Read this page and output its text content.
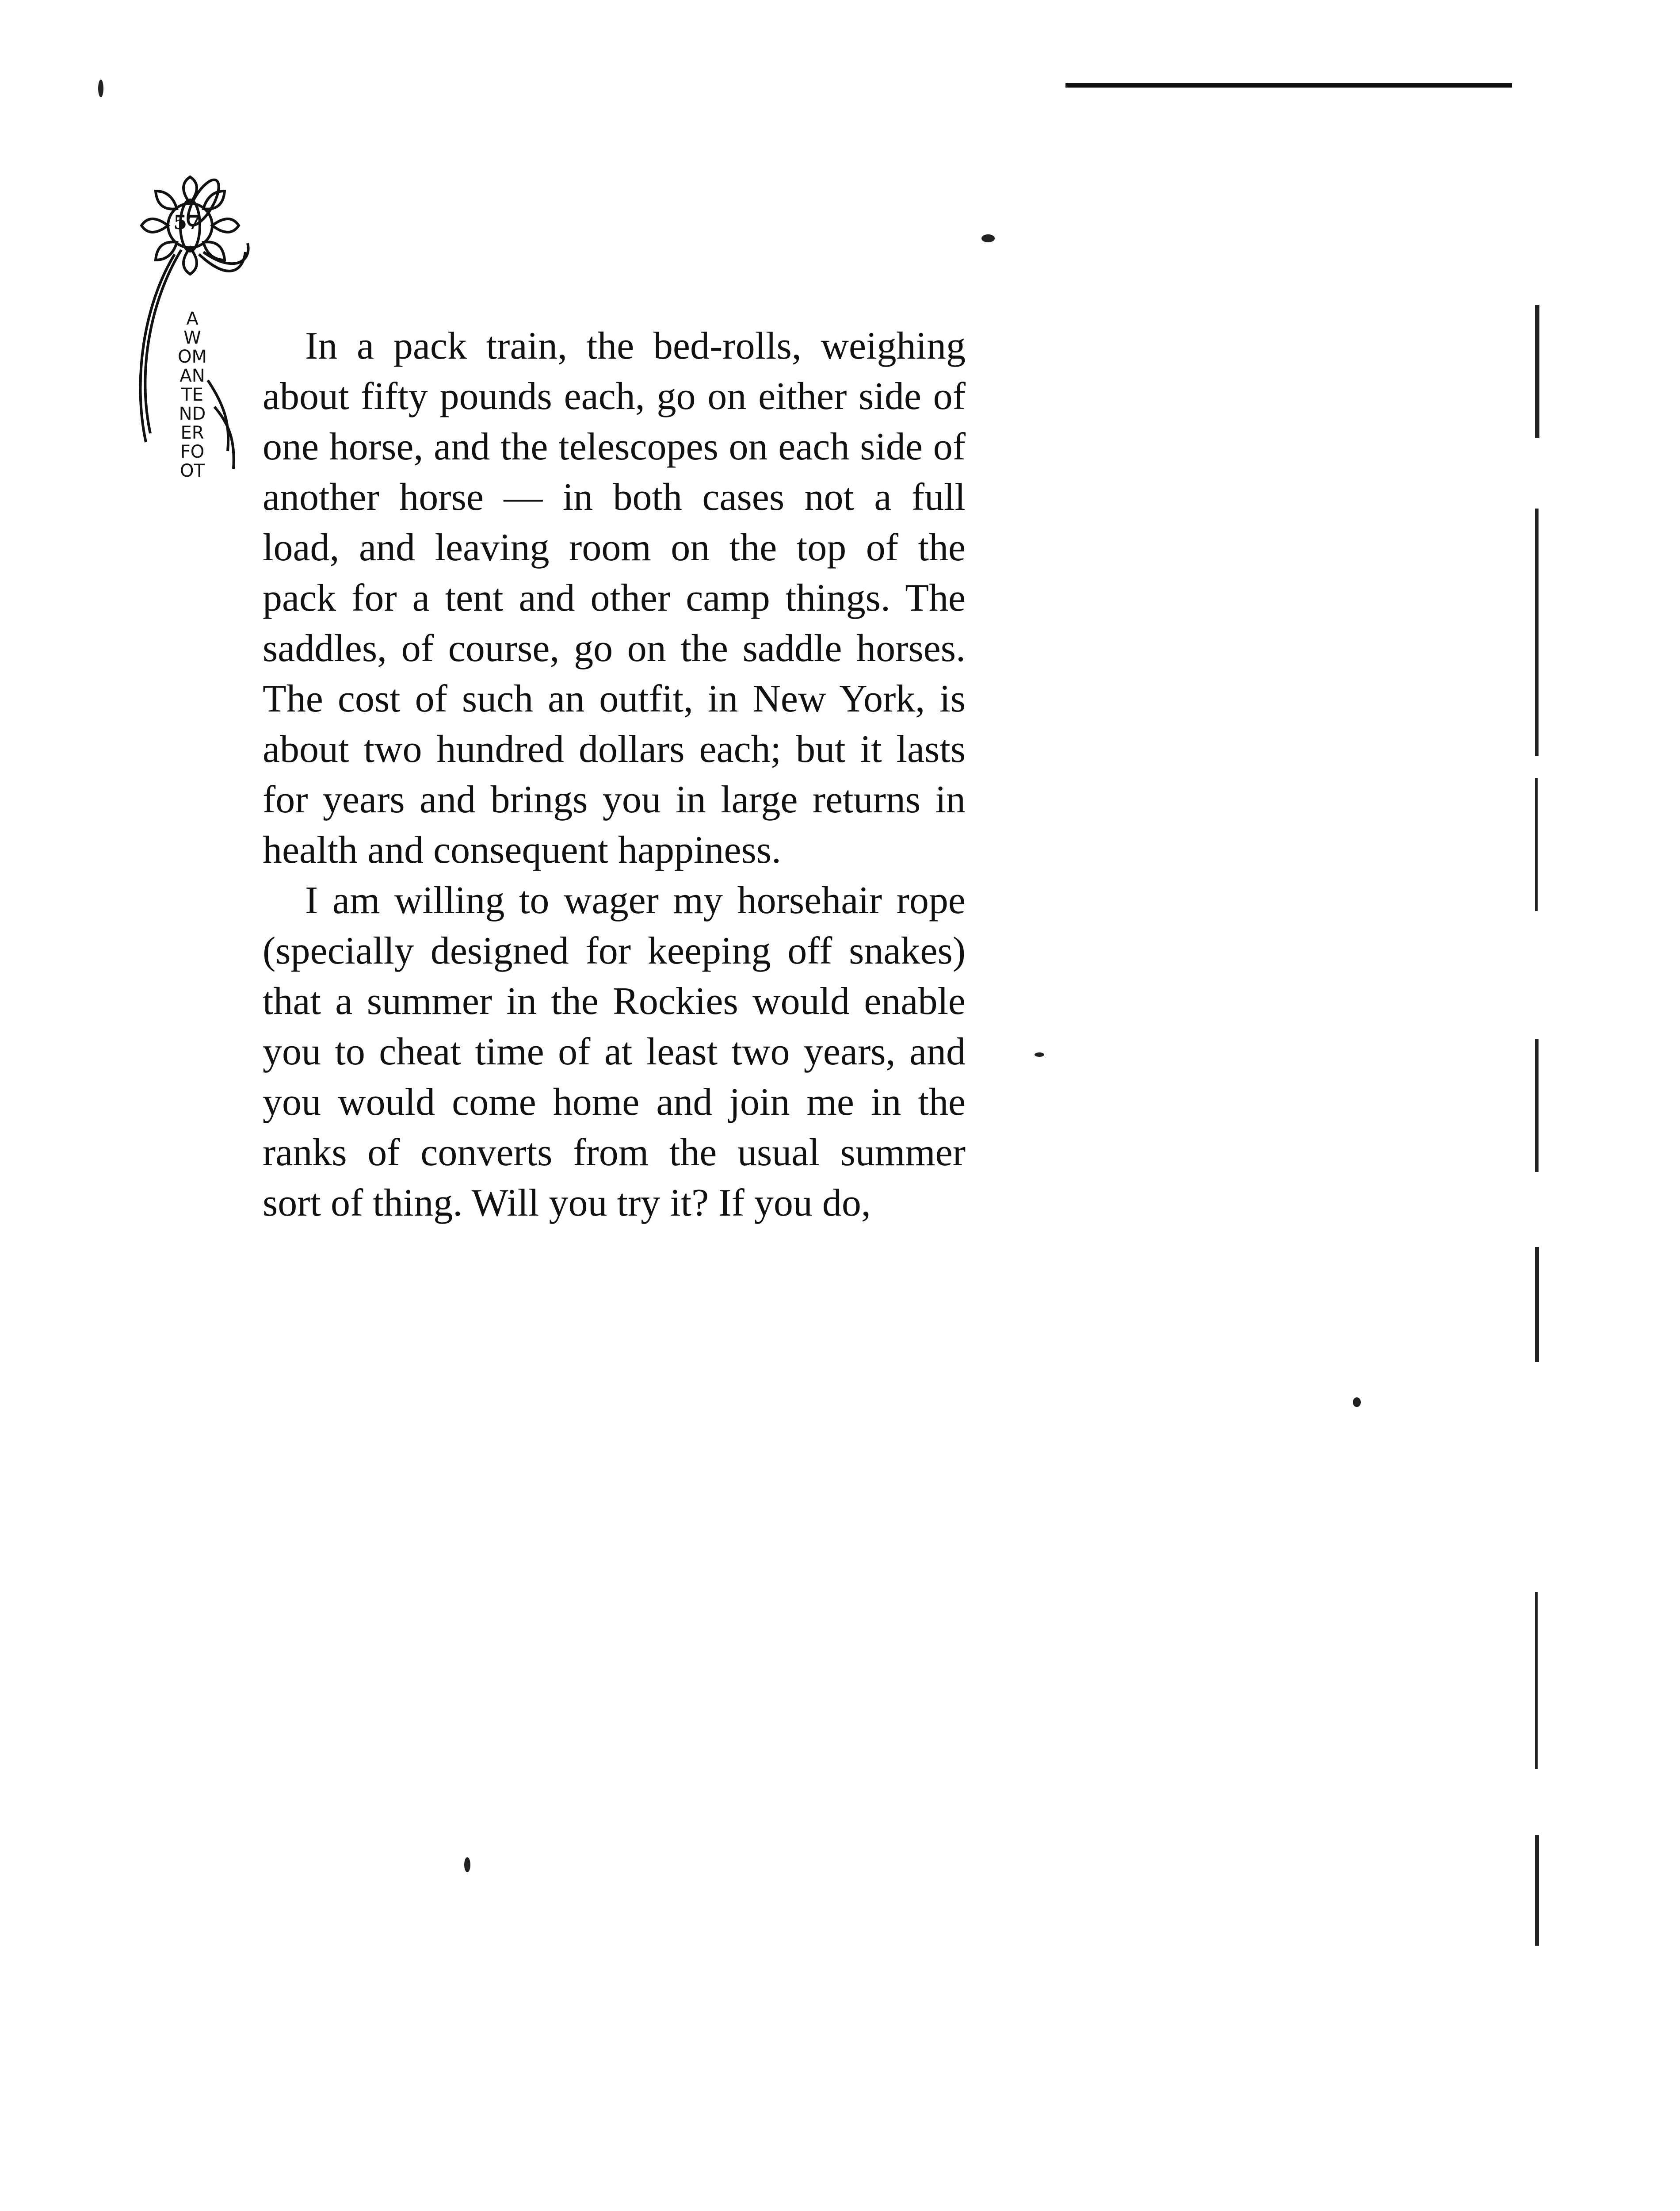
57
A WOMAN TENDERFOOT

In a pack train, the bed-rolls, weighing about fifty pounds each, go on either side of one horse, and the telescopes on each side of another horse — in both cases not a full load, and leaving room on the top of the pack for a tent and other camp things. The saddles, of course, go on the saddle horses. The cost of such an outfit, in New York, is about two hundred dollars each; but it lasts for years and brings you in large returns in health and consequent happiness.

I am willing to wager my horsehair rope (specially designed for keeping off snakes) that a summer in the Rockies would enable you to cheat time of at least two years, and you would come home and join me in the ranks of converts from the usual summer sort of thing. Will you try it? If you do,
